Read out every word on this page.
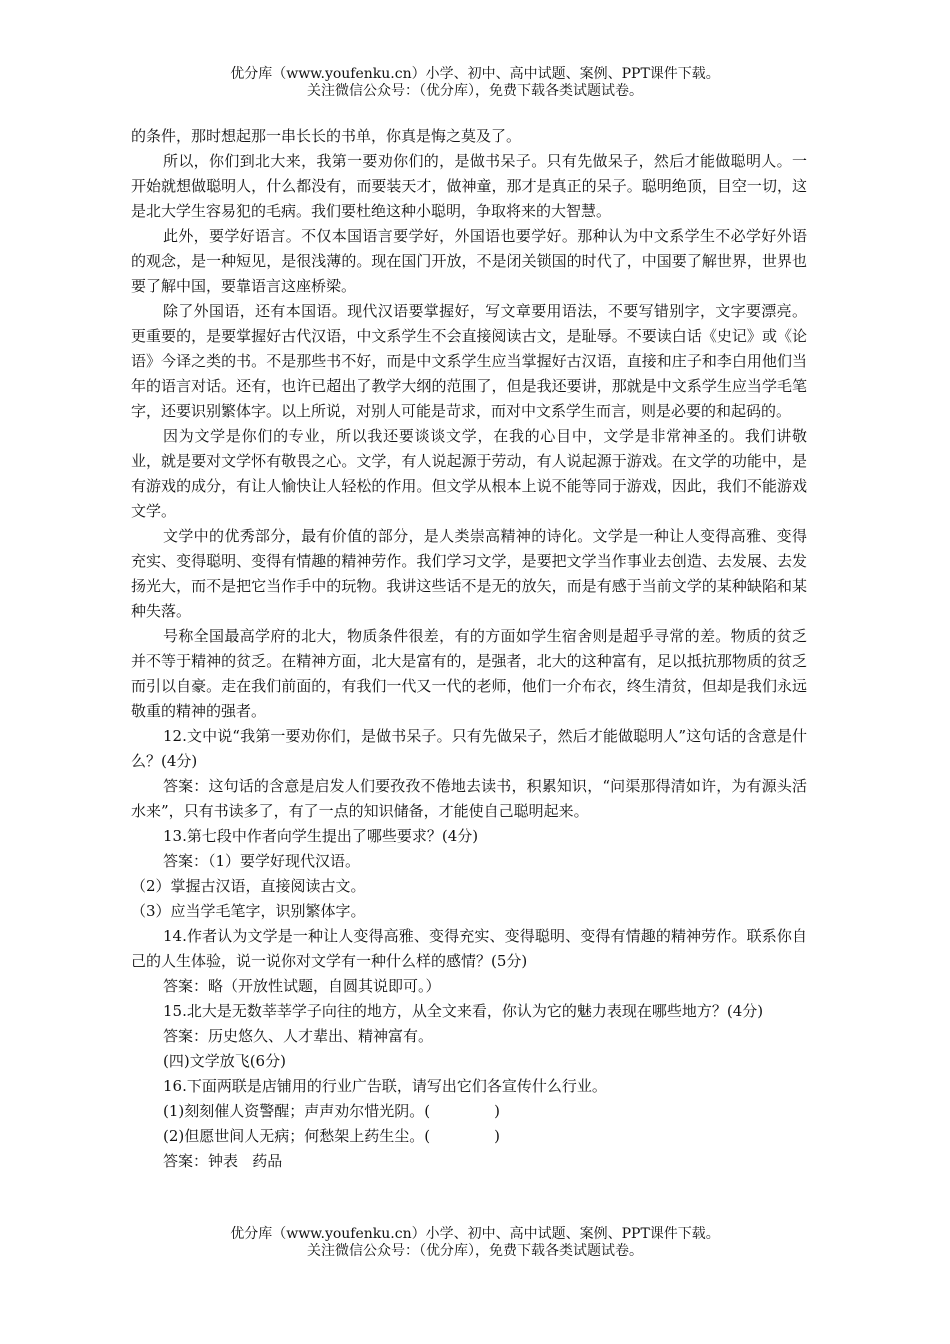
优分库（www.youfenku.cn）小学、初中、高中试题、案例、PPT课件下载。
关注微信公众号：（优分库），免费下载各类试题试卷。

的条件，那时想起那一串长长的书单，你真是悔之莫及了。

所以，你们到北大来，我第一要劝你们的，是做书呆子。只有先做呆子，然后才能做聪明人。一开始就想做聪明人，什么都没有，而要装天才，做神童，那才是真正的呆子。聪明绝顶，目空一切，这是北大学生容易犯的毛病。我们要杜绝这种小聪明，争取将来的大智慧。

此外，要学好语言。不仅本国语言要学好，外国语也要学好。那种认为中文系学生不必学好外语的观念，是一种短见，是很浅薄的。现在国门开放，不是闭关锁国的时代了，中国要了解世界，世界也要了解中国，要靠语言这座桥梁。

除了外国语，还有本国语。现代汉语要掌握好，写文章要用语法，不要写错别字，文字要漂亮。更重要的，是要掌握好古代汉语，中文系学生不会直接阅读古文，是耻辱。不要读白话《史记》或《论语》今译之类的书。不是那些书不好，而是中文系学生应当掌握好古汉语，直接和庄子和李白用他们当年的语言对话。还有，也许已超出了教学大纲的范围了，但是我还要讲，那就是中文系学生应当学毛笔字，还要识别繁体字。以上所说，对别人可能是苛求，而对中文系学生而言，则是必要的和起码的。

因为文学是你们的专业，所以我还要谈谈文学，在我的心目中，文学是非常神圣的。我们讲敬业，就是要对文学怀有敬畏之心。文学，有人说起源于劳动，有人说起源于游戏。在文学的功能中，是有游戏的成分，有让人愉快让人轻松的作用。但文学从根本上说不能等同于游戏，因此，我们不能游戏文学。

文学中的优秀部分，最有价值的部分，是人类崇高精神的诗化。文学是一种让人变得高雅、变得充实、变得聪明、变得有情趣的精神劳作。我们学习文学，是要把文学当作事业去创造、去发展、去发扬光大，而不是把它当作手中的玩物。我讲这些话不是无的放矢，而是有感于当前文学的某种缺陷和某种失落。

号称全国最高学府的北大，物质条件很差，有的方面如学生宿舍则是超乎寻常的差。物质的贫乏并不等于精神的贫乏。在精神方面，北大是富有的，是强者，北大的这种富有，足以抵抗那物质的贫乏而引以自豪。走在我们前面的，有我们一代又一代的老师，他们一介布衣，终生清贫，但却是我们永远敬重的精神的强者。

12.文中说“我第一要劝你们，是做书呆子。只有先做呆子，然后才能做聪明人”这句话的含意是什么？(4分)

答案：这句话的含意是启发人们要孜孜不倦地去读书，积累知识，“问渠那得清如许，为有源头活水来”，只有书读多了，有了一点的知识储备，才能使自己聪明起来。

13.第七段中作者向学生提出了哪些要求？(4分)

答案：（1）要学好现代汉语。

（2）掌握古汉语，直接阅读古文。

（3）应当学毛笔字，识别繁体字。

14.作者认为文学是一种让人变得高雅、变得充实、变得聪明、变得有情趣的精神劳作。联系你自己的人生体验，说一说你对文学有一种什么样的感情？(5分)

答案：略（开放性试题，自圆其说即可。）

15.北大是无数莘莘学子向往的地方，从全文来看，你认为它的魅力表现在哪些地方？(4分)

答案：历史悠久、人才辈出、精神富有。

(四)文学放飞(6分)

16.下面两联是店铺用的行业广告联，请写出它们各宣传什么行业。

(1)刻刻催人资警醒；声声劝尔惜光阴。(	)

(2)但愿世间人无病；何愁架上药生尘。(	)

答案：钟表   药品

优分库（www.youfenku.cn）小学、初中、高中试题、案例、PPT课件下载。
关注微信公众号：（优分库），免费下载各类试题试卷。
